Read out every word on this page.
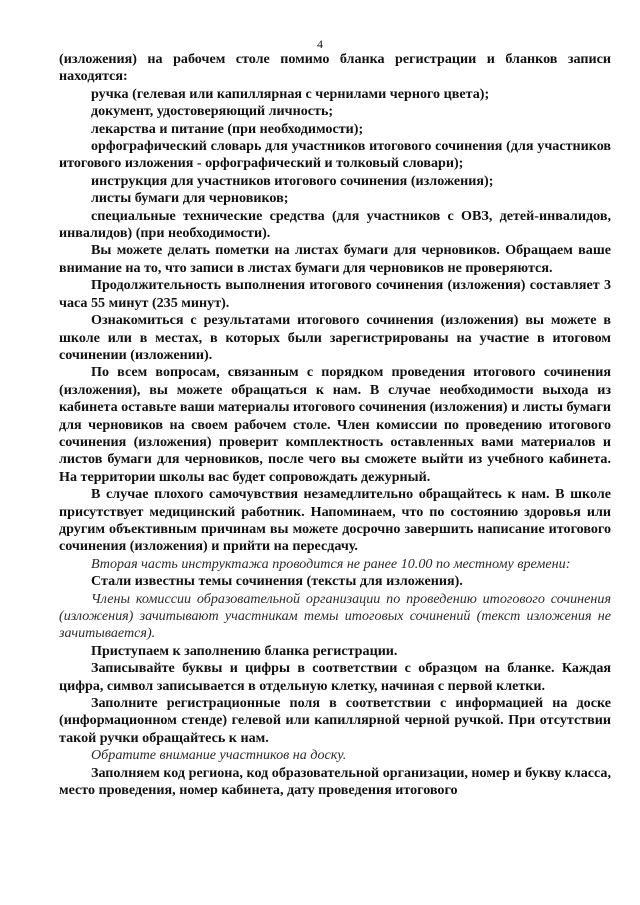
4

(изложения) на рабочем столе помимо бланка регистрации и бланков записи находятся:

ручка (гелевая или капиллярная с чернилами черного цвета);

документ, удостоверяющий личность;

лекарства и питание (при необходимости);

орфографический словарь для участников итогового сочинения (для участников итогового изложения - орфографический и толковый словари);

инструкция для участников итогового сочинения (изложения);

листы бумаги для черновиков;

специальные технические средства (для участников с ОВЗ, детей-инвалидов, инвалидов) (при необходимости).

Вы можете делать пометки на листах бумаги для черновиков. Обращаем ваше внимание на то, что записи в листах бумаги для черновиков не проверяются.

Продолжительность выполнения итогового сочинения (изложения) составляет 3 часа 55 минут (235 минут).

Ознакомиться с результатами итогового сочинения (изложения) вы можете в школе или в местах, в которых были зарегистрированы на участие в итоговом сочинении (изложении).

По всем вопросам, связанным с порядком проведения итогового сочинения (изложения), вы можете обращаться к нам. В случае необходимости выхода из кабинета оставьте ваши материалы итогового сочинения (изложения) и листы бумаги для черновиков на своем рабочем столе. Член комиссии по проведению итогового сочинения (изложения) проверит комплектность оставленных вами материалов и листов бумаги для черновиков, после чего вы сможете выйти из учебного кабинета. На территории школы вас будет сопровождать дежурный.

В случае плохого самочувствия незамедлительно обращайтесь к нам. В школе присутствует медицинский работник. Напоминаем, что по состоянию здоровья или другим объективным причинам вы можете досрочно завершить написание итогового сочинения (изложения) и прийти на пересдачу.

Вторая часть инструктажа проводится не ранее 10.00 по местному времени:

Стали известны темы сочинения (тексты для изложения).

Члены комиссии образовательной организации по проведению итогового сочинения (изложения) зачитывают участникам темы итоговых сочинений (текст изложения не зачитывается).

Приступаем к заполнению бланка регистрации.

Записывайте буквы и цифры в соответствии с образцом на бланке. Каждая цифра, символ записывается в отдельную клетку, начиная с первой клетки.

Заполните регистрационные поля в соответствии с информацией на доске (информационном стенде) гелевой или капиллярной черной ручкой. При отсутствии такой ручки обращайтесь к нам.

Обратите внимание участников на доску.

Заполняем код региона, код образовательной организации, номер и букву класса, место проведения, номер кабинета, дату проведения итогового
